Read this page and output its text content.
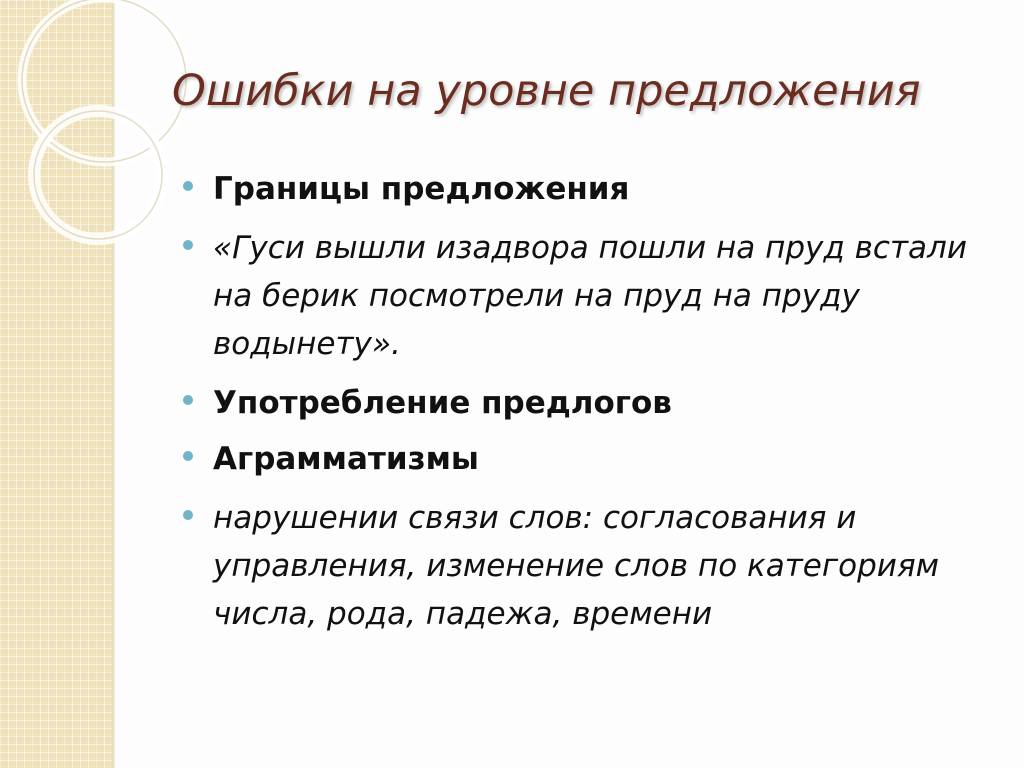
Ошибки на уровне предложения
Границы предложения
«Гуси вышли изадвора пошли на пруд встали на берик посмотрели на пруд на пруду водынету».
Употребление предлогов
Аграмматизмы
нарушении связи слов: согласования и управления, изменение слов по категориям числа, рода, падежа, времени
